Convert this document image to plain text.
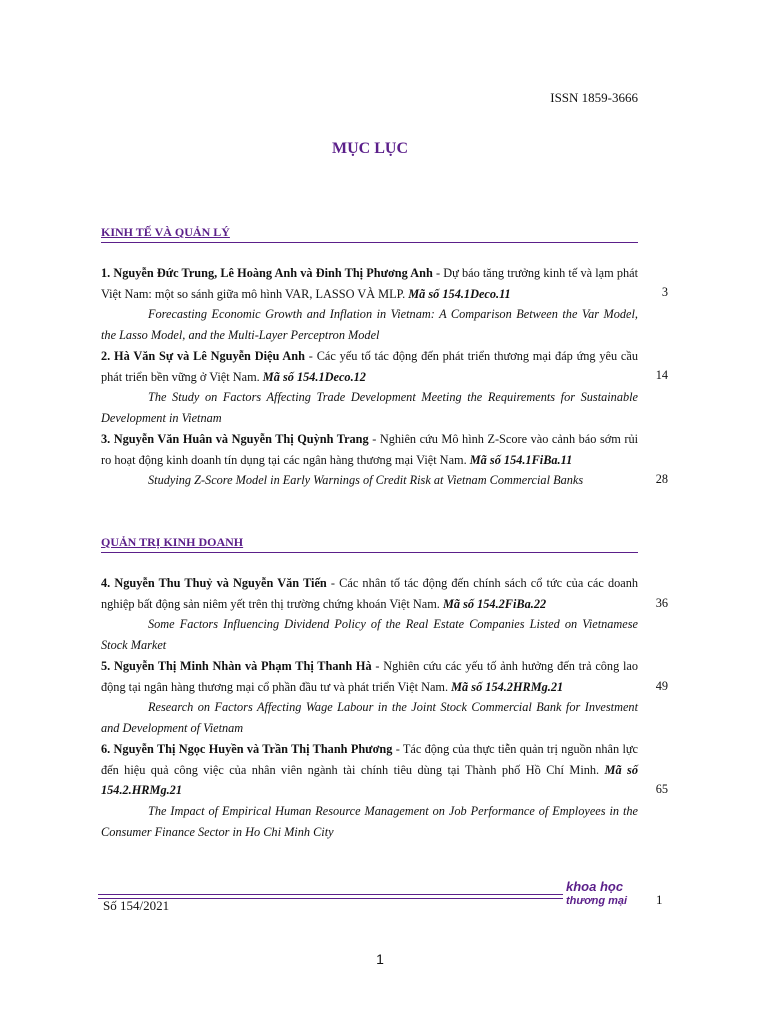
ISSN 1859-3666
MỤC LỤC
KINH TẾ VÀ QUẢN LÝ
1. Nguyễn Đức Trung, Lê Hoàng Anh và Đinh Thị Phương Anh - Dự báo tăng trưởng kinh tế và lạm phát Việt Nam: một so sánh giữa mô hình VAR, LASSO VÀ MLP. Mã số 154.1Deco.11
Forecasting Economic Growth and Inflation in Vietnam: A Comparison Between the Var Model, the Lasso Model, and the Multi-Layer Perceptron Model
3
2. Hà Văn Sự và Lê Nguyễn Diệu Anh - Các yếu tố tác động đến phát triển thương mại đáp ứng yêu cầu phát triển bền vững ở Việt Nam. Mã số 154.1Deco.12
The Study on Factors Affecting Trade Development Meeting the Requirements for Sustainable Development in Vietnam
14
3. Nguyễn Văn Huân và Nguyễn Thị Quỳnh Trang - Nghiên cứu Mô hình Z-Score vào cảnh báo sớm rủi ro hoạt động kinh doanh tín dụng tại các ngân hàng thương mại Việt Nam. Mã số 154.1FiBa.11
Studying Z-Score Model in Early Warnings of Credit Risk at Vietnam Commercial Banks	28
QUẢN TRỊ KINH DOANH
4. Nguyễn Thu Thuỷ và Nguyễn Văn Tiến - Các nhân tố tác động đến chính sách cổ tức của các doanh nghiệp bất động sản niêm yết trên thị trường chứng khoán Việt Nam. Mã số 154.2FiBa.22
Some Factors Influencing Dividend Policy of the Real Estate Companies Listed on Vietnamese Stock Market
36
5. Nguyễn Thị Minh Nhàn và Phạm Thị Thanh Hà - Nghiên cứu các yếu tố ảnh hưởng đến trả công lao động tại ngân hàng thương mại cổ phần đầu tư và phát triển Việt Nam. Mã số 154.2HRMg.21
Research on Factors Affecting Wage Labour in the Joint Stock Commercial Bank for Investment and Development of Vietnam
49
6. Nguyễn Thị Ngọc Huyền và Trần Thị Thanh Phương - Tác động của thực tiễn quản trị nguồn nhân lực đến hiệu quả công việc của nhân viên ngành tài chính tiêu dùng tại Thành phố Hồ Chí Minh. Mã số 154.2.HRMg.21
The Impact of Empirical Human Resource Management on Job Performance of Employees in the Consumer Finance Sector in Ho Chi Minh City
65
Số 154/2021
khoa học
thương mại 1
1
